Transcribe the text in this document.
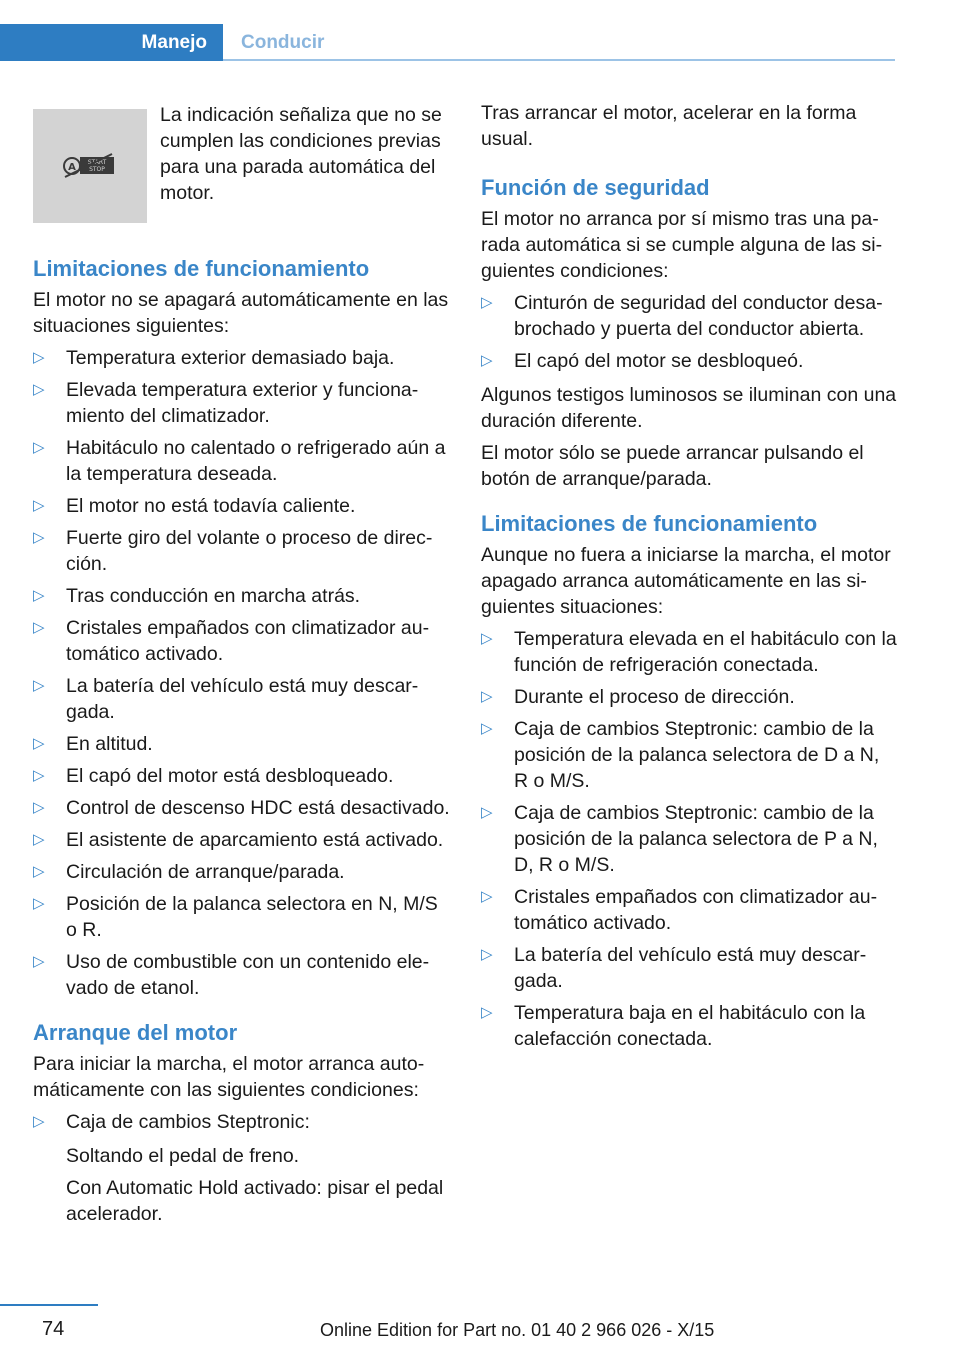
Manejo	Conducir
START
STOP
A

La indicación señaliza que no se cumplen las condiciones previas para una parada automática del motor.

Limitaciones de funcionamiento

El motor no se apagará automáticamente en las situaciones siguientes:

▷ Temperatura exterior demasiado baja.
▷ Elevada temperatura exterior y funcionamiento del climatizador.
▷ Habitáculo no calentado o refrigerado aún a la temperatura deseada.
▷ El motor no está todavía caliente.
▷ Fuerte giro del volante o proceso de dirección.
▷ Tras conducción en marcha atrás.
▷ Cristales empañados con climatizador automático activado.
▷ La batería del vehículo está muy descargada.
▷ En altitud.
▷ El capó del motor está desbloqueado.
▷ Control de descenso HDC está desactivado.
▷ El asistente de aparcamiento está activado.
▷ Circulación de arranque/parada.
▷ Posición de la palanca selectora en N, M/S o R.
▷ Uso de combustible con un contenido elevado de etanol.
Arranque del motor

Para iniciar la marcha, el motor arranca automáticamente con las siguientes condiciones:

▷ Caja de cambios Steptronic:

Soltando el pedal de freno.

Con Automatic Hold activado: pisar el pedal acelerador.

Tras arrancar el motor, acelerar en la forma usual.

Función de seguridad

El motor no arranca por sí mismo tras una parada automática si se cumple alguna de las siguientes condiciones:

▷ Cinturón de seguridad del conductor desabrochado y puerta del conductor abierta.
▷ El capó del motor se desbloqueó.

Algunos testigos luminosos se iluminan con una duración diferente.

El motor sólo se puede arrancar pulsando el botón de arranque/parada.

Limitaciones de funcionamiento

Aunque no fuera a iniciarse la marcha, el motor apagado arranca automáticamente en las siguientes situaciones:

▷ Temperatura elevada en el habitáculo con la función de refrigeración conectada.
▷ Durante el proceso de dirección.
▷ Caja de cambios Steptronic: cambio de la posición de la palanca selectora de D a N, R o M/S.
▷ Caja de cambios Steptronic: cambio de la posición de la palanca selectora de P a N, D, R o M/S.
▷ Cristales empañados con climatizador automático activado.
▷ La batería del vehículo está muy descargada.
▷ Temperatura baja en el habitáculo con la calefacción conectada.
74	Online Edition for Part no. 01 40 2 966 026 - X/15
